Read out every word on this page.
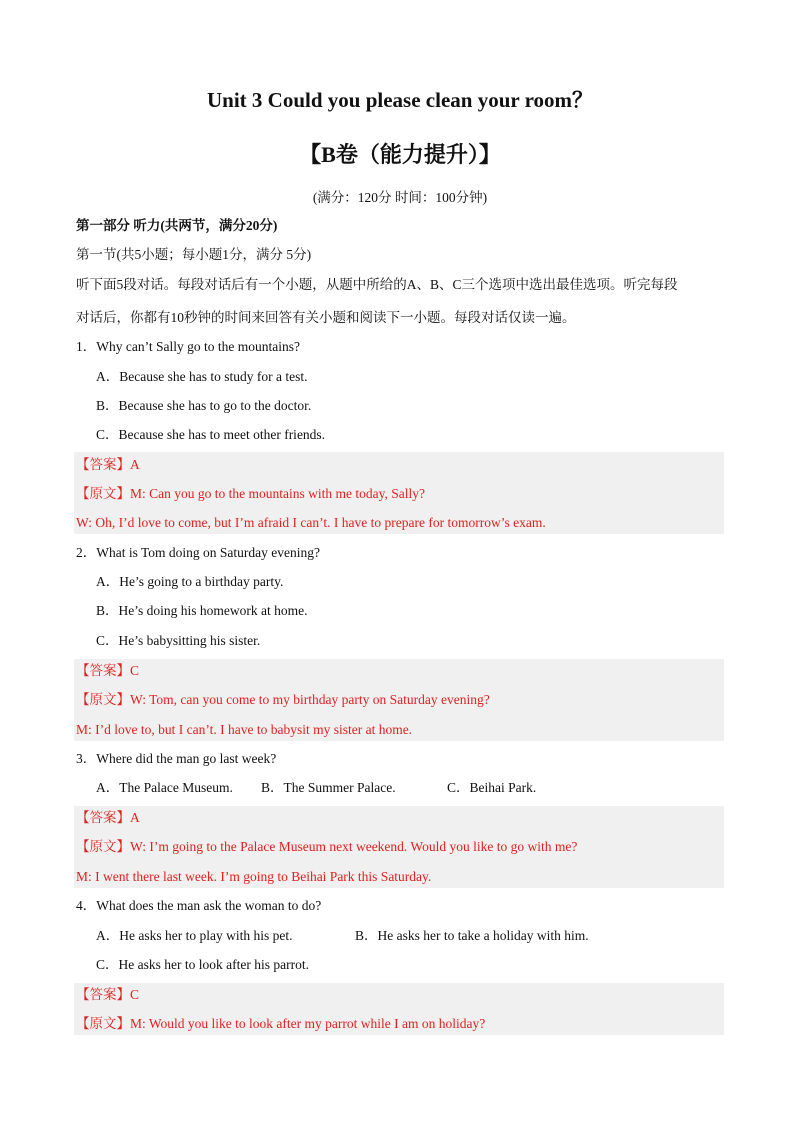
Unit 3 Could you please clean your room？
【B卷（能力提升）】
(满分：120分 时间：100分钟)
第一部分 听力(共两节，满分20分)
第一节(共5小题；每小题1分，满分 5分)
听下面5段对话。每段对话后有一个小题，从题中所给的A、B、C三个选项中选出最佳选项。听完每段
对话后，你都有10秒钟的时间来回答有关小题和阅读下一小题。每段对话仅读一遍。
1．Why can’t Sally go to the mountains?
A．Because she has to study for a test.
B．Because she has to go to the doctor.
C．Because she has to meet other friends.
【答案】A
【原文】M: Can you go to the mountains with me today, Sally?
W: Oh, I’d love to come, but I’m afraid I can’t. I have to prepare for tomorrow’s exam.
2．What is Tom doing on Saturday evening?
A．He’s going to a birthday party.
B．He’s doing his homework at home.
C．He’s babysitting his sister.
【答案】C
【原文】W: Tom, can you come to my birthday party on Saturday evening?
M: I’d love to, but I can’t. I have to babysit my sister at home.
3．Where did the man go last week?
A．The Palace Museum. B．The Summer Palace.	C．Beihai Park.
【答案】A
【原文】W: I’m going to the Palace Museum next weekend. Would you like to go with me?
M: I went there last week. I’m going to Beihai Park this Saturday.
4．What does the man ask the woman to do?
A．He asks her to play with his pet.	B．He asks her to take a holiday with him.
C．He asks her to look after his parrot.
【答案】C
【原文】M: Would you like to look after my parrot while I am on holiday?
